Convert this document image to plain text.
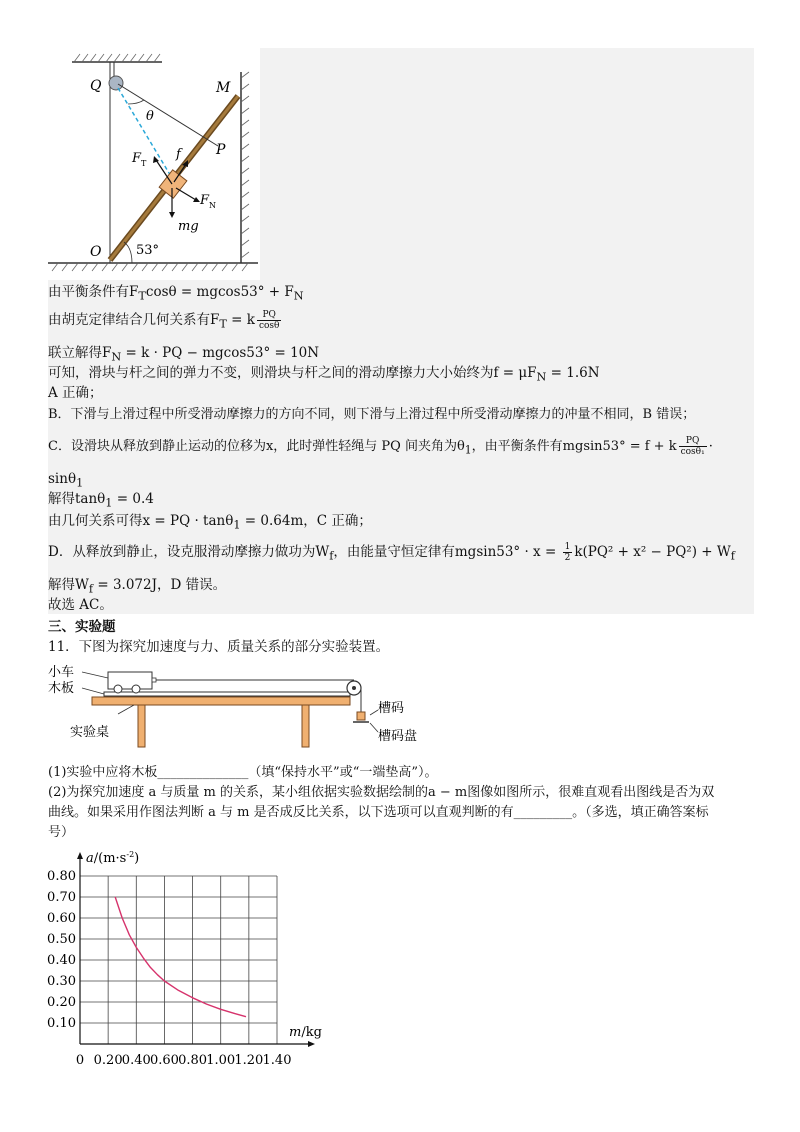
Q	M
θ
P
F T
f
F N
mg
O	53°
由平衡条件有$F_T\cos\theta = mgcos53^\circ + F_N$
由胡克定律结合几何关系有$F_T = k \frac{PQ}{\cos\theta}$
联立解得$F_N = k$ · PQ − mgcos53° = 10N
可知，滑块与杆之间的弹力不变，则滑块与杆之间的滑动摩擦力大小始终为$f = \mu F_N = 1.6N$
A 正确；
B．下滑与上滑过程中所受滑动摩擦力的方向不同，则下滑与上滑过程中所受滑动摩擦力的冲量不相同，B 错误；
C．设滑块从释放到静止运动的位移为x，此时弹性轻绳与 PQ 间夹角为$\theta_1$，由平衡条件有mgsin53° = f + k $\frac{PQ}{\text{cosθ₁}}$ ·
sinθ$_1$
解得tanθ$_1$ = 0.4
由几何关系可得x = PQ · tanθ$_1$ = 0.64m，C 正确；
D．从释放到静止，设克服滑动摩擦力做功为$W_f$，由能量守恒定律有$mgsin53^\circ \cdot x = \frac{1}{2} k(PQ^2 + x^2 - PQ^2) + W_f$
解得$W_f = 3.072J$，D 错误。
故选 AC。
三、实验题
11．下图为探究加速度与力、质量关系的部分实验装置。
小车
木板
实验桌
槽码
槽码盘
(1)实验中应将木板______________（填“保持水平”或“一端垫高”）。
(2)为探究加速度 a 与质量 m 的关系，某小组依据实验数据绘制的a − m图像如图所示，很难直观看出图线是否为双
曲线。如果采用作图法判断 a 与 m 是否成反比关系，以下选项可以直观判断的有_________。（多选，填正确答案标
号）
0 0.20 0.40 0.60 0.80 1.00 1.20 1.40
0.10
0.20
0.30
0.40
0.50
0.60
0.70
0.80
$a/(m\cdot s^{-2})$
m/kg
